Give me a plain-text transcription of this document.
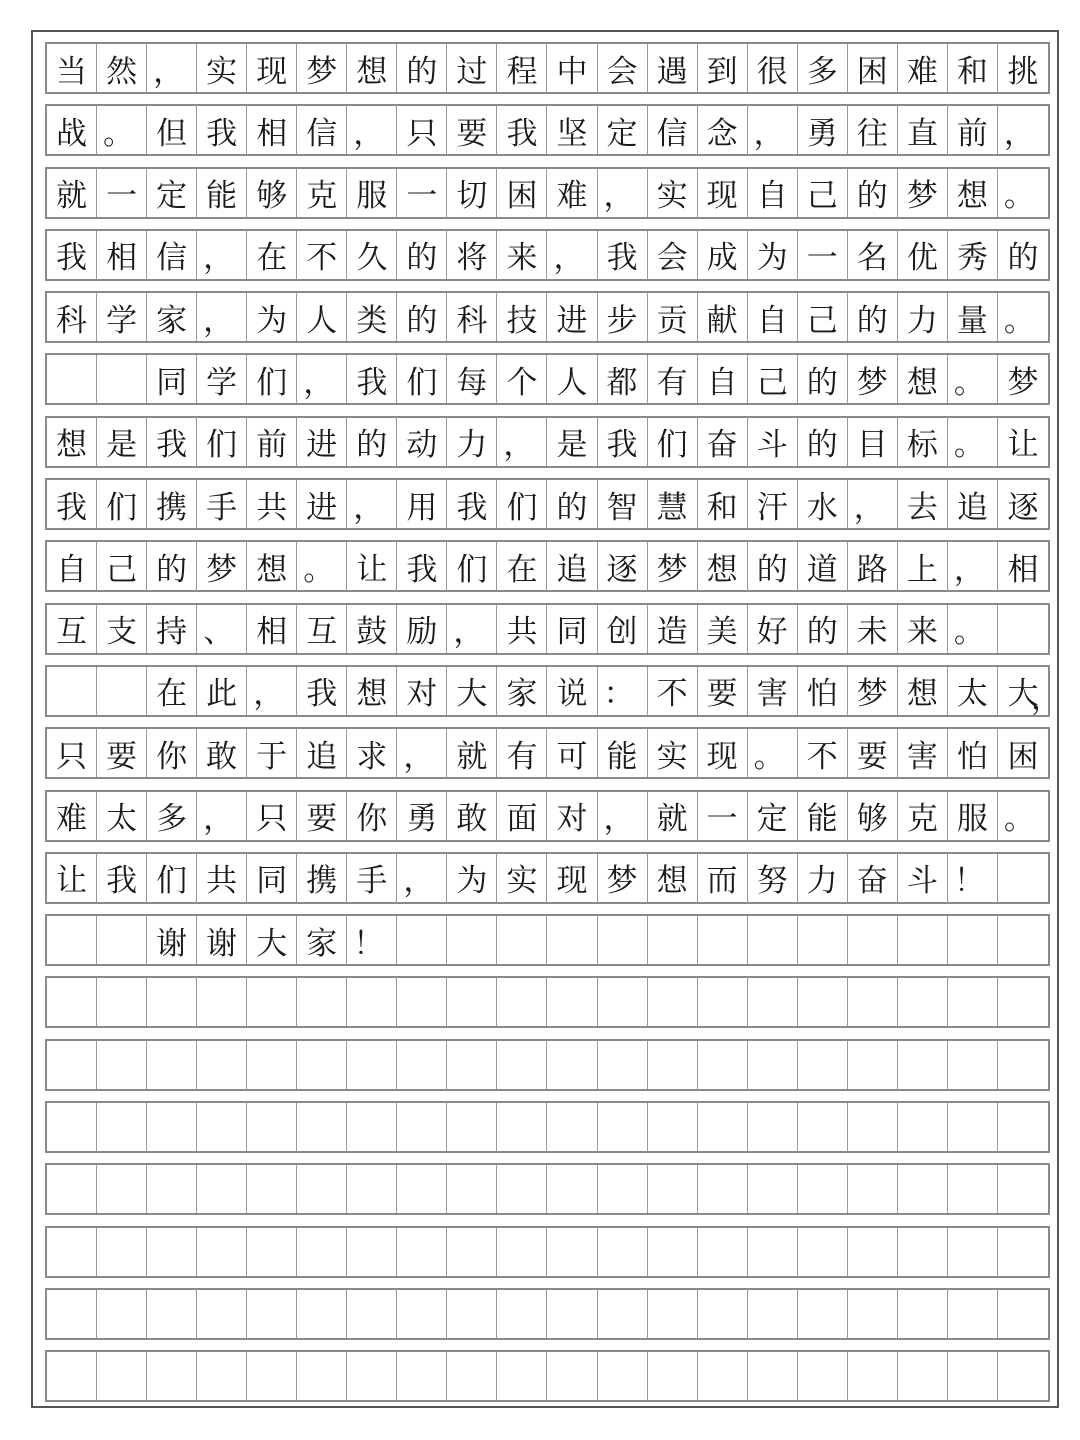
当 然 ， 实 现 梦 想 的 过 程 中 会 遇 到 很 多 困 难 和 挑
战 。 但 我 相 信 ， 只 要 我 坚 定 信 念 ， 勇 往 直 前 ，
就 一 定 能 够 克 服 一 切 困 难 ， 实 现 自 己 的 梦 想 。
我 相 信 ， 在 不 久 的 将 来 ， 我 会 成 为 一 名 优 秀 的
科 学 家 ， 为 人 类 的 科 技 进 步 贡 献 自 己 的 力 量 。
同 学 们 ， 我 们 每 个 人 都 有 自 己 的 梦 想 。 梦
想 是 我 们 前 进 的 动 力 ， 是 我 们 奋 斗 的 目 标 。 让
我 们 携 手 共 进 ， 用 我 们 的 智 慧 和 汗 水 ， 去 追 逐
自 己 的 梦 想 。 让 我 们 在 追 逐 梦 想 的 道 路 上 ， 相
互 支 持 、 相 互 鼓 励 ， 共 同 创 造 美 好 的 未 来 。
在 此 ， 我 想 对 大 家 说 ： 不 要 害 怕 梦 想 太 大 ，
只 要 你 敢 于 追 求 ， 就 有 可 能 实 现 。 不 要 害 怕 困
难 太 多 ， 只 要 你 勇 敢 面 对 ， 就 一 定 能 够 克 服 。
让 我 们 共 同 携 手 ， 为 实 现 梦 想 而 努 力 奋 斗 ！
谢 谢 大 家 ！
